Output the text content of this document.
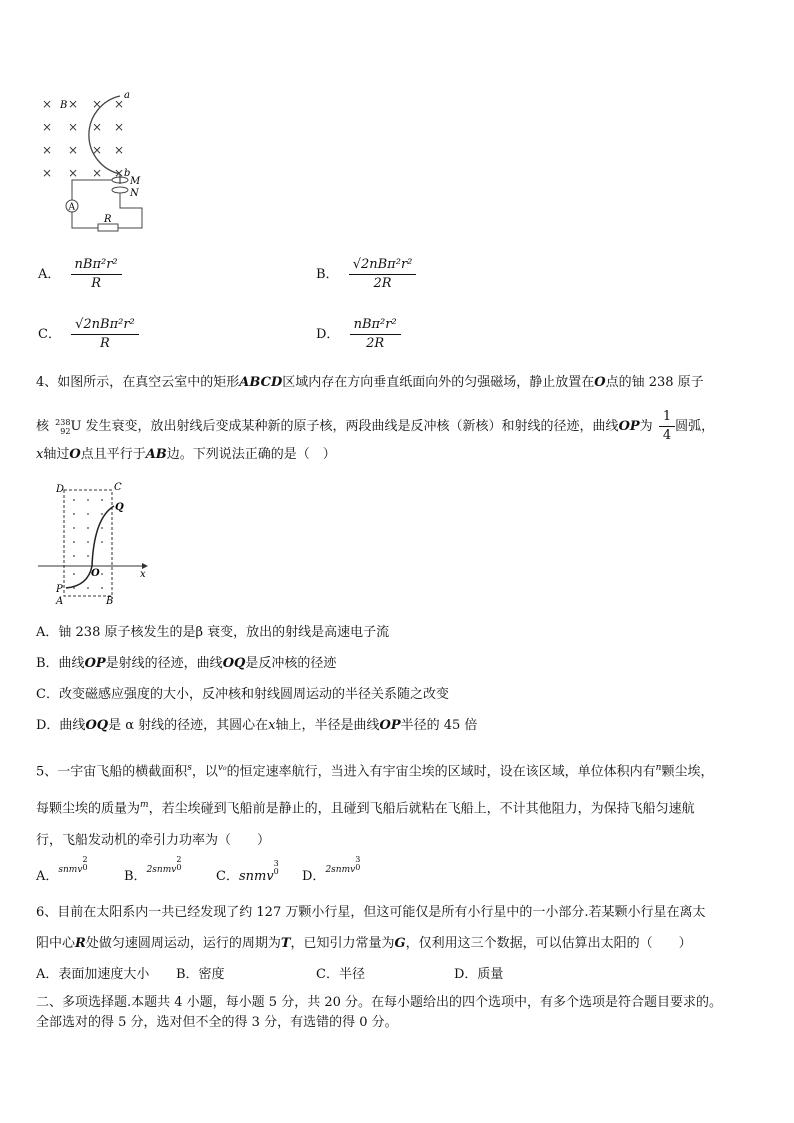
× × × ×
× × × ×
× × × ×
× × × ×
B
a
b
M
N
A
R
A． $\frac{\text{nBπ²r²}}{R}$	B． $\frac{\text{√2nBπ²r²}}{2R}$
C． $\frac{\text{√2nBπ²r²}}{R}$	D． $\frac{\text{nBπ²r²}}{2R}$
4、如图所示，在真空云室中的矩形ABCD区域内存在方向垂直纸面向外的匀强磁场，静止放置在O点的铀 238 原子
核 238
92 U 发生衰变，放出射线后变成某种新的原子核，两段曲线是反冲核（新核）和射线的径迹，曲线OP为 $\frac{1}{4}$ 圆弧，
x轴过O点且平行于AB边。下列说法正确的是（　）
D	C
Q
O	x
P
A	B
A．铀 238 原子核发生的是β 衰变，放出的射线是高速电子流
B．曲线OP是射线的径迹，曲线OQ是反冲核的径迹
C．改变磁感应强度的大小，反冲核和射线圆周运动的半径关系随之改变
D．曲线OQ是 α 射线的径迹，其圆心在x轴上，半径是曲线OP半径的 45 倍
5、一宇宙飞船的横截面积$^s$，以$^{v_0}$的恒定速率航行，当进入有宇宙尘埃的区域时，设在该区域，单位体积内有$^n$颗尘埃，
每颗尘埃的质量为$^m$，若尘埃碰到飞船前是静止的，且碰到飞船后就粘在飞船上，不计其他阻力，为保持飞船匀速航
行，飞船发动机的牵引力功率为（　　）
A．$^{snmv}$
2
0
B．$^{2snmv}$
2
0
C．snmv
3
0 D．$^{2snmv}$
3
0
6、目前在太阳系内一共已经发现了约 127 万颗小行星，但这可能仅是所有小行星中的一小部分.若某颗小行星在离太
阳中心R处做匀速圆周运动，运行的周期为T，已知引力常量为G，仅利用这三个数据，可以估算出太阳的（　　）
A．表面加速度大小 B．密度	C．半径	D．质量
二、多项选择题.本题共 4 小题，每小题 5 分，共 20 分。在每小题给出的四个选项中，有多个选项是符合题目要求的。
全部选对的得 5 分，选对但不全的得 3 分，有选错的得 0 分。
